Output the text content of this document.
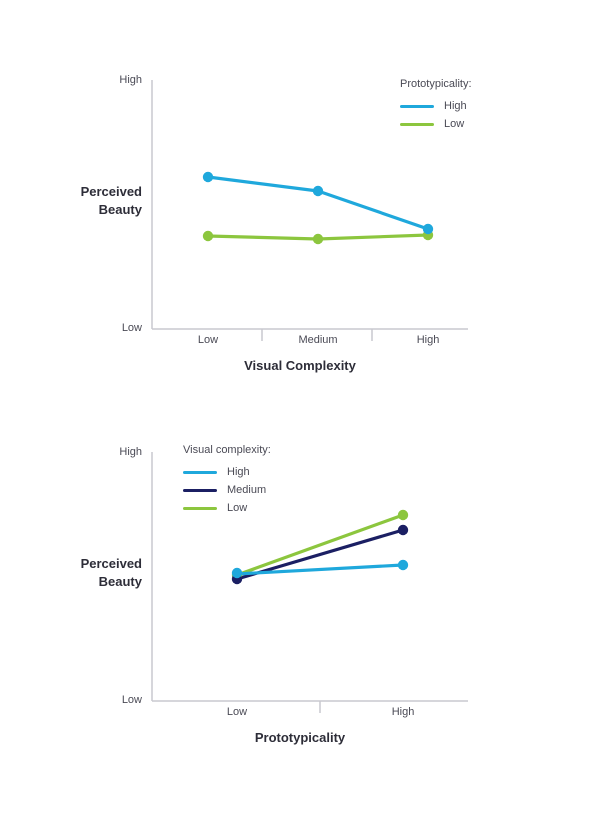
High
Low
Perceived
Beauty
Low	Medium	High
Visual Complexity
Prototypicality:
High
Low
High
Low
Perceived
Beauty
Low	High
Prototypicality
Visual complexity:
High
Medium
Low
